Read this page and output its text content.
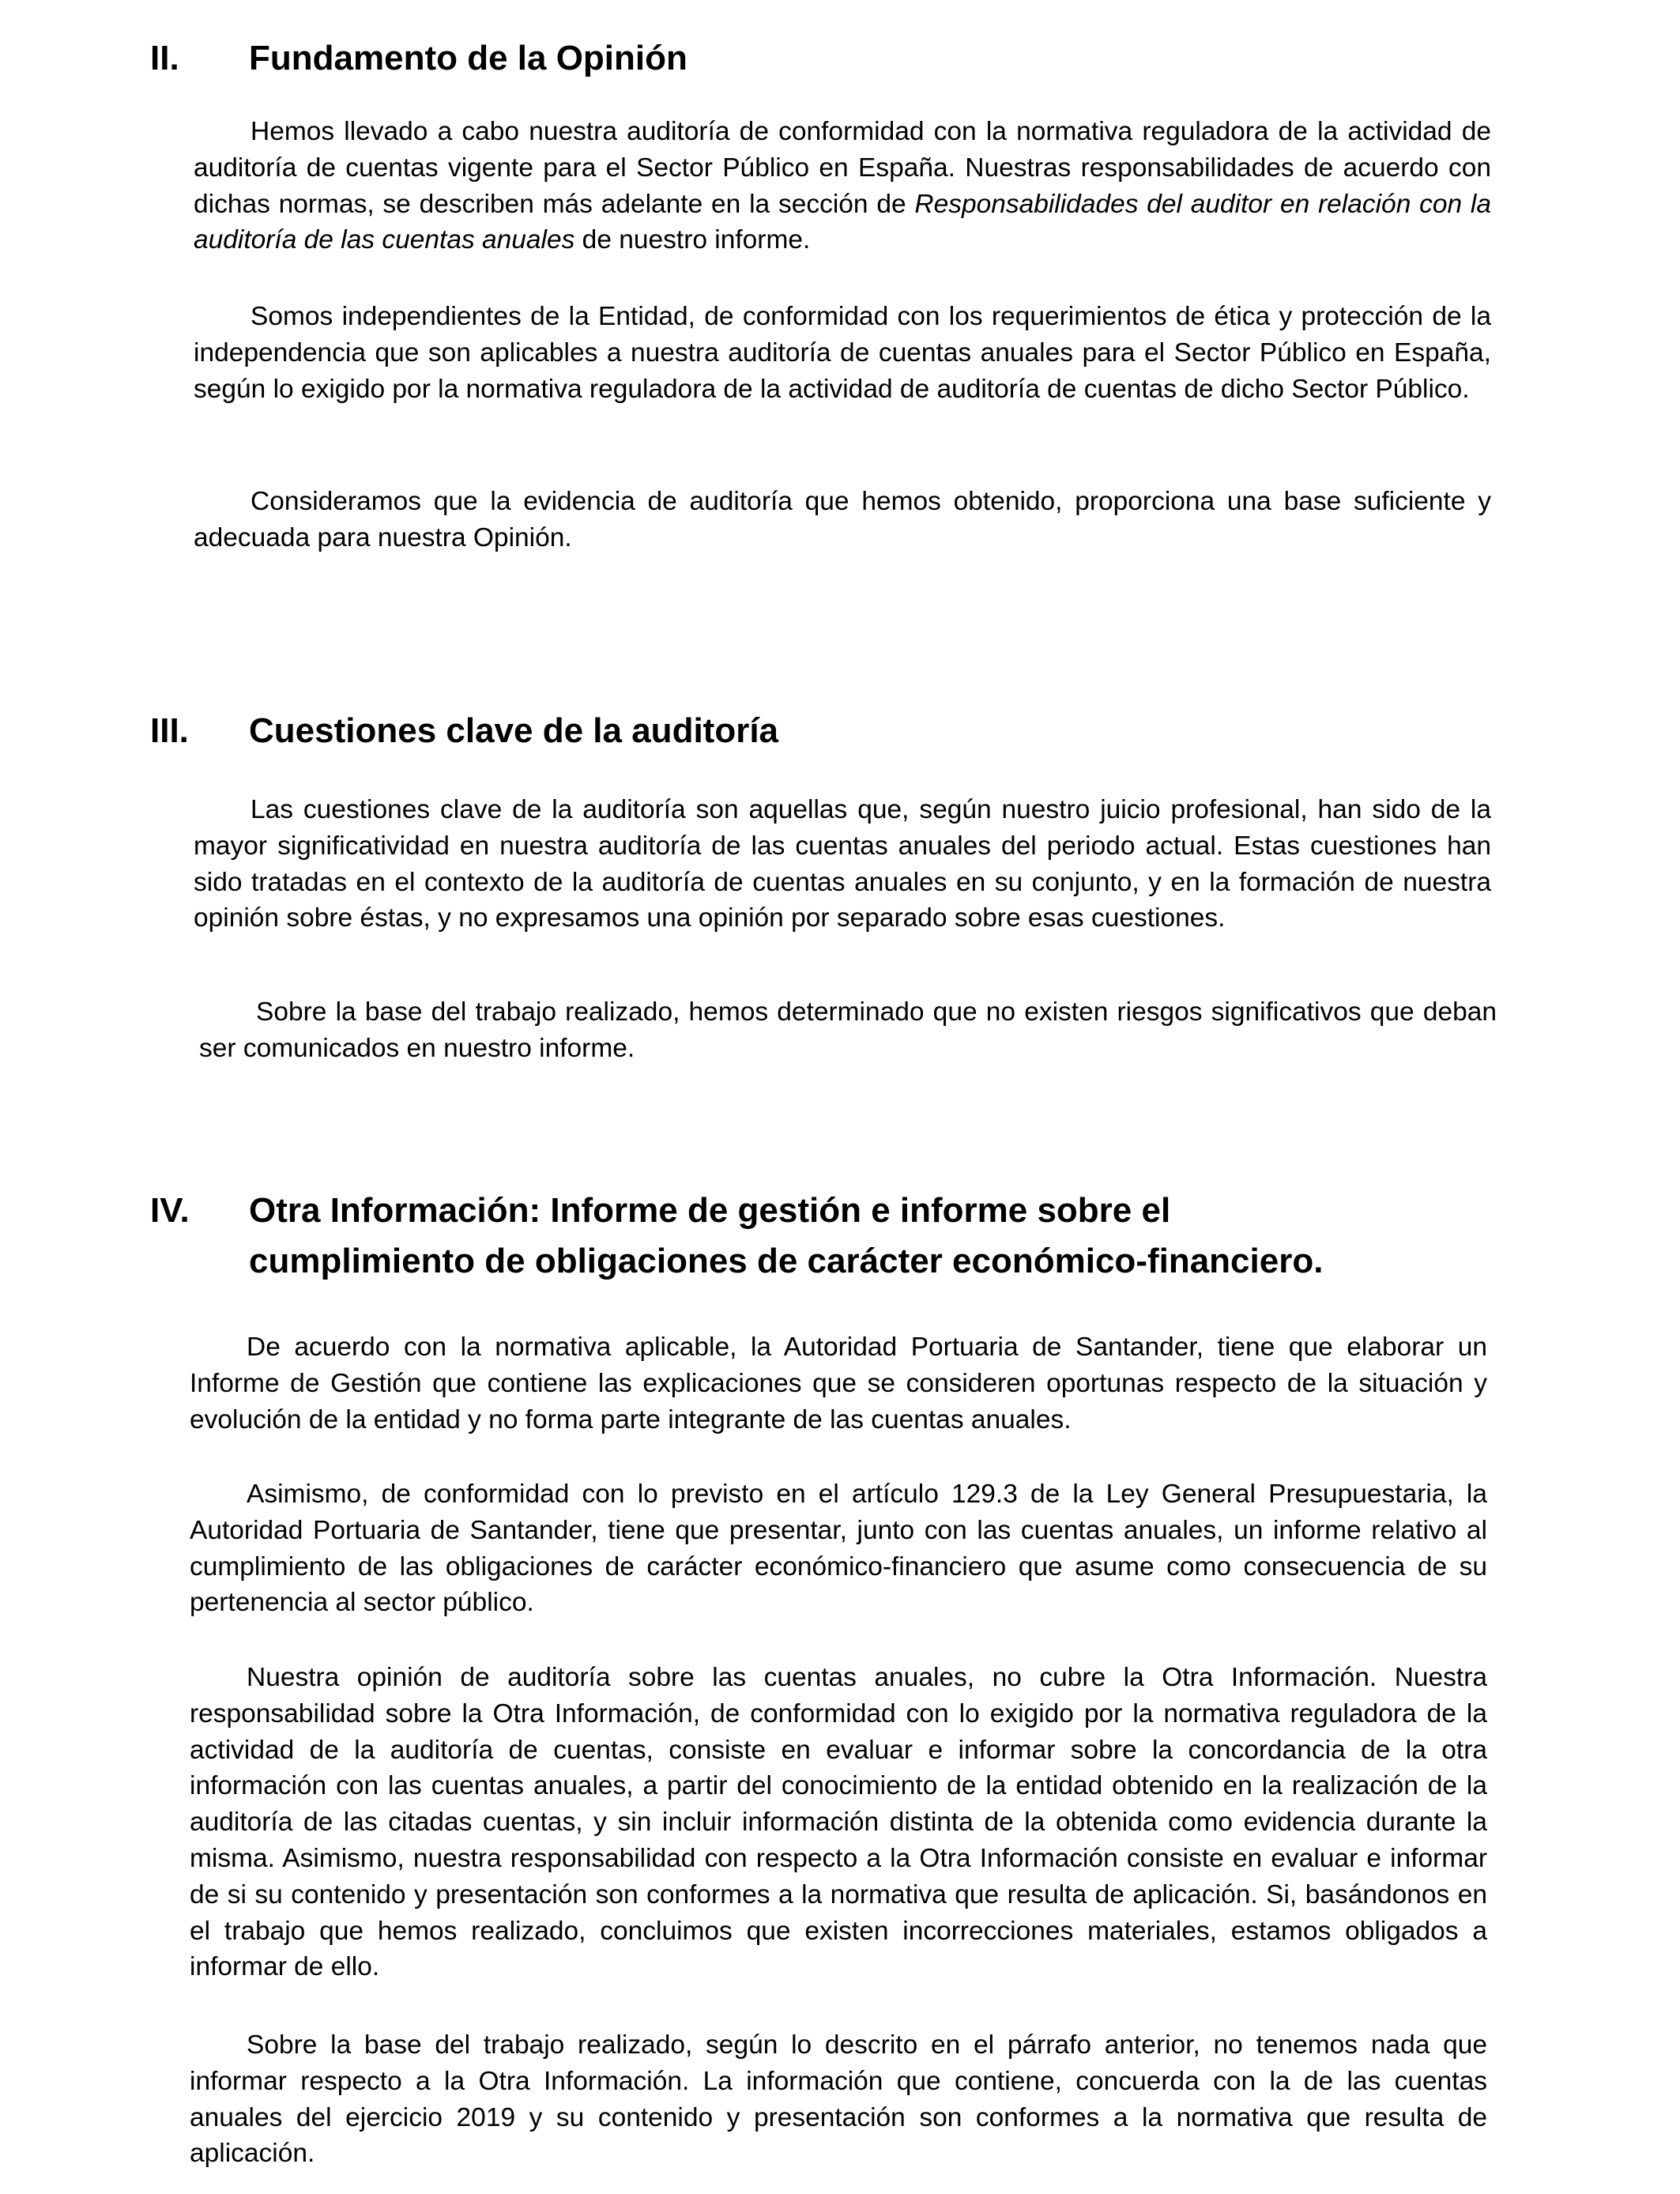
II. Fundamento de la Opinión

Hemos llevado a cabo nuestra auditoría de conformidad con la normativa reguladora de la actividad de auditoría de cuentas vigente para el Sector Público en España. Nuestras responsabilidades de acuerdo con dichas normas, se describen más adelante en la sección de Responsabilidades del auditor en relación con la auditoría de las cuentas anuales de nuestro informe.

Somos independientes de la Entidad, de conformidad con los requerimientos de ética y protección de la independencia que son aplicables a nuestra auditoría de cuentas anuales para el Sector Público en España, según lo exigido por la normativa reguladora de la actividad de auditoría de cuentas de dicho Sector Público.

Consideramos que la evidencia de auditoría que hemos obtenido, proporciona una base suficiente y adecuada para nuestra Opinión.

III. Cuestiones clave de la auditoría

Las cuestiones clave de la auditoría son aquellas que, según nuestro juicio profesional, han sido de la mayor significatividad en nuestra auditoría de las cuentas anuales del periodo actual. Estas cuestiones han sido tratadas en el contexto de la auditoría de cuentas anuales en su conjunto, y en la formación de nuestra opinión sobre éstas, y no expresamos una opinión por separado sobre esas cuestiones.

Sobre la base del trabajo realizado, hemos determinado que no existen riesgos significativos que deban ser comunicados en nuestro informe.

IV. Otra Información: Informe de gestión e informe sobre el
cumplimiento de obligaciones de carácter económico-financiero.

De acuerdo con la normativa aplicable, la Autoridad Portuaria de Santander, tiene que elaborar un Informe de Gestión que contiene las explicaciones que se consideren oportunas respecto de la situación y evolución de la entidad y no forma parte integrante de las cuentas anuales.

Asimismo, de conformidad con lo previsto en el artículo 129.3 de la Ley General Presupuestaria, la Autoridad Portuaria de Santander, tiene que presentar, junto con las cuentas anuales, un informe relativo al cumplimiento de las obligaciones de carácter económico-financiero que asume como consecuencia de su pertenencia al sector público.

Nuestra opinión de auditoría sobre las cuentas anuales, no cubre la Otra Información. Nuestra responsabilidad sobre la Otra Información, de conformidad con lo exigido por la normativa reguladora de la actividad de la auditoría de cuentas, consiste en evaluar e informar sobre la concordancia de la otra información con las cuentas anuales, a partir del conocimiento de la entidad obtenido en la realización de la auditoría de las citadas cuentas, y sin incluir información distinta de la obtenida como evidencia durante la misma. Asimismo, nuestra responsabilidad con respecto a la Otra Información consiste en evaluar e informar de si su contenido y presentación son conformes a la normativa que resulta de aplicación. Si, basándonos en el trabajo que hemos realizado, concluimos que existen incorrecciones materiales, estamos obligados a informar de ello.

Sobre la base del trabajo realizado, según lo descrito en el párrafo anterior, no tenemos nada que informar respecto a la Otra Información. La información que contiene, concuerda con la de las cuentas anuales del ejercicio 2019 y su contenido y presentación son conformes a la normativa que resulta de aplicación.
